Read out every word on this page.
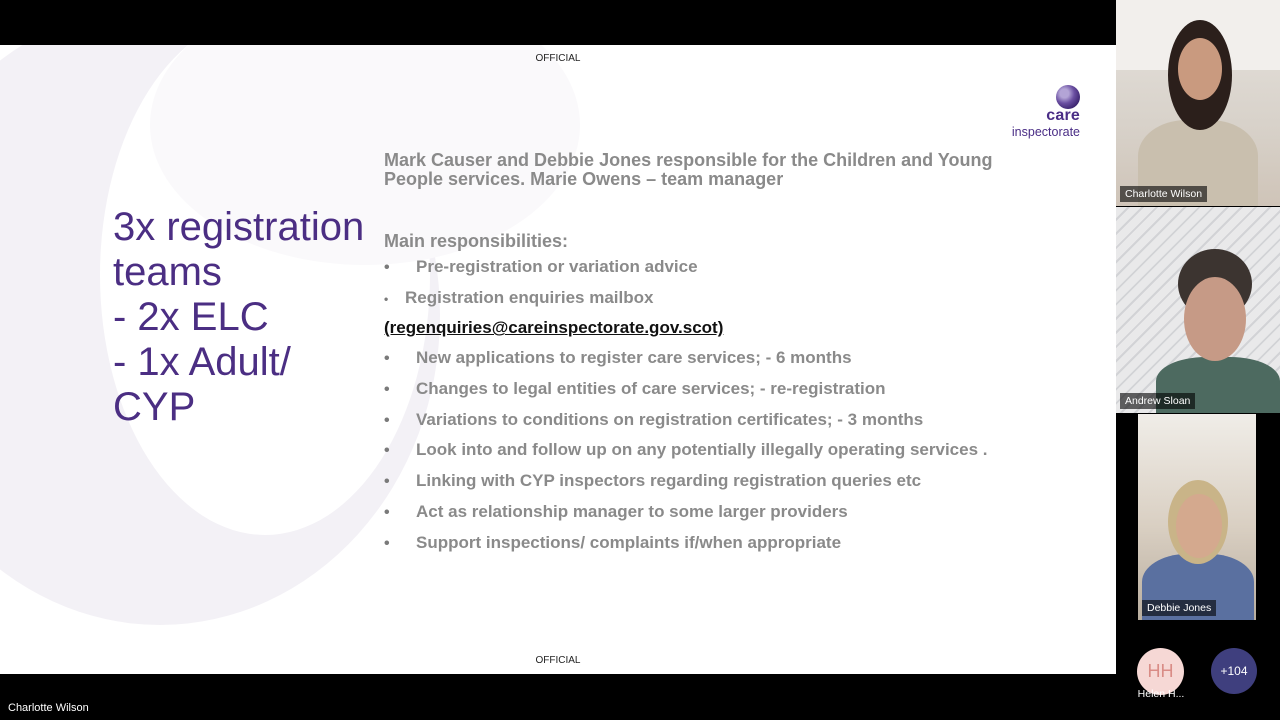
OFFICIAL
care
inspectorate
3x registration
teams
- 2x ELC
- 1x Adult/
CYP
Mark Causer and Debbie Jones responsible for the Children and Young People services. Marie Owens – team manager
Main responsibilities:
•	Pre-registration or variation advice
• Registration enquiries mailbox
(regenquiries@careinspectorate.gov.scot)
•	New applications to register care services; - 6 months
•	Changes to legal entities of care services; - re-registration
•	Variations to conditions on registration certificates; - 3 months
•	Look into and follow up on any potentially illegally operating services .
•	Linking with CYP inspectors regarding registration queries etc
•	Act as relationship manager to some larger providers
•	Support inspections/ complaints if/when appropriate
OFFICIAL
Charlotte Wilson
Andrew Sloan
Debbie Jones
HH
Helen H...
+104
Charlotte Wilson
